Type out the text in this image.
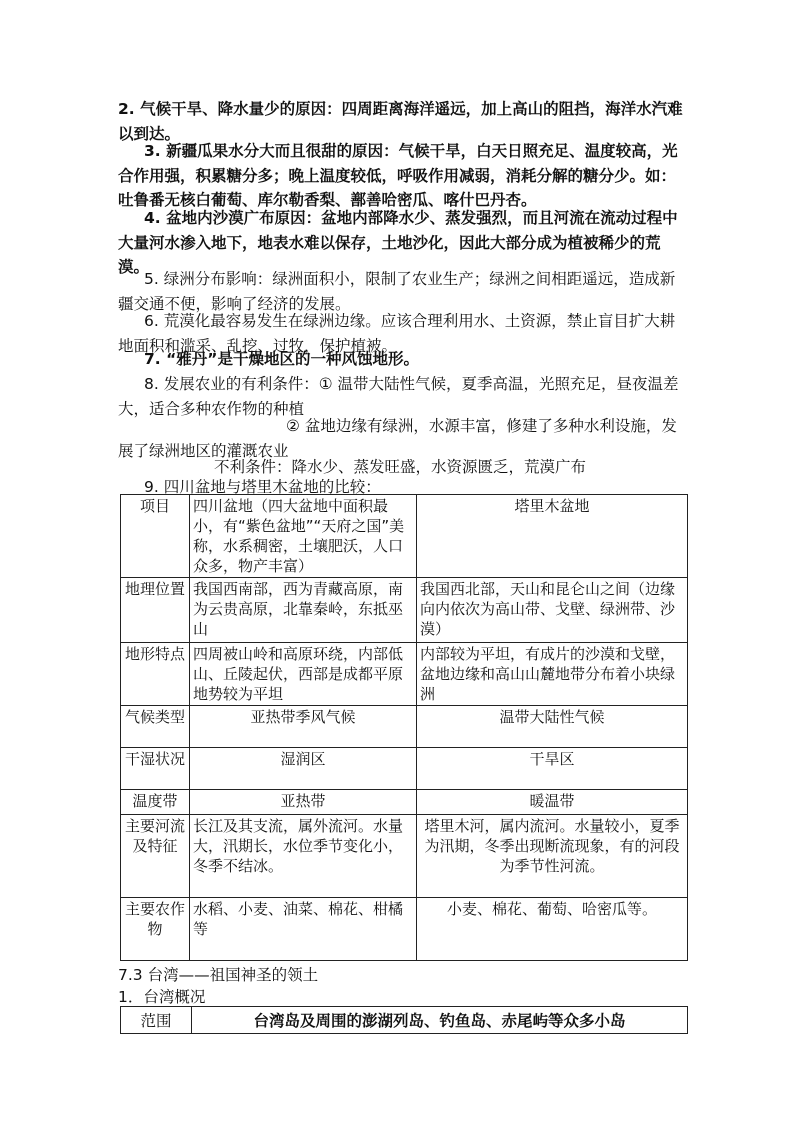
2. 气候干旱、降水量少的原因：四周距离海洋遥远，加上高山的阻挡，海洋水汽难以到达。

3. 新疆瓜果水分大而且很甜的原因：气候干旱，白天日照充足、温度较高，光合作用强，积累糖分多；晚上温度较低，呼吸作用减弱，消耗分解的糖分少。如：吐鲁番无核白葡萄、库尔勒香梨、鄯善哈密瓜、喀什巴丹杏。

4. 盆地内沙漠广布原因：盆地内部降水少、蒸发强烈，而且河流在流动过程中大量河水渗入地下，地表水难以保存，土地沙化，因此大部分成为植被稀少的荒漠。

5. 绿洲分布影响：绿洲面积小，限制了农业生产；绿洲之间相距遥远，造成新疆交通不便，影响了经济的发展。

6. 荒漠化最容易发生在绿洲边缘。应该合理利用水、土资源，禁止盲目扩大耕地面积和滥采、乱挖、过牧，保护植被。

7. “雅丹”是干燥地区的一种风蚀地形。

8. 发展农业的有利条件：① 温带大陆性气候，夏季高温，光照充足，昼夜温差大，适合多种农作物的种植

② 盆地边缘有绿洲，水源丰富，修建了多种水利设施，发展了绿洲地区的灌溉农业

不利条件：降水少、蒸发旺盛，水资源匮乏，荒漠广布

9. 四川盆地与塔里木盆地的比较：

项目	四川盆地（四大盆地中面积最小，有“紫色盆地”“天府之国”美称，水系稠密，土壤肥沃，人口众多，物产丰富）	塔里木盆地
地理位置	我国西南部，西为青藏高原，南为云贵高原，北靠秦岭，东抵巫山	我国西北部，天山和昆仑山之间（边缘向内依次为高山带、戈壁、绿洲带、沙漠）
地形特点	四周被山岭和高原环绕，内部低山、丘陵起伏，西部是成都平原地势较为平坦	内部较为平坦，有成片的沙漠和戈壁，盆地边缘和高山山麓地带分布着小块绿洲
气候类型	亚热带季风气候	温带大陆性气候
干湿状况	湿润区	干旱区
温度带	亚热带	暖温带
主要河流及特征	长江及其支流，属外流河。水量大，汛期长，水位季节变化小，冬季不结冰。	塔里木河，属内流河。水量较小，夏季为汛期，冬季出现断流现象，有的河段为季节性河流。
主要农作物	水稻、小麦、油菜、棉花、柑橘等	小麦、棉花、葡萄、哈密瓜等。

7.3 台湾——祖国神圣的领土

1．台湾概况

范围	台湾岛及周围的澎湖列岛、钓鱼岛、赤尾屿等众多小岛
